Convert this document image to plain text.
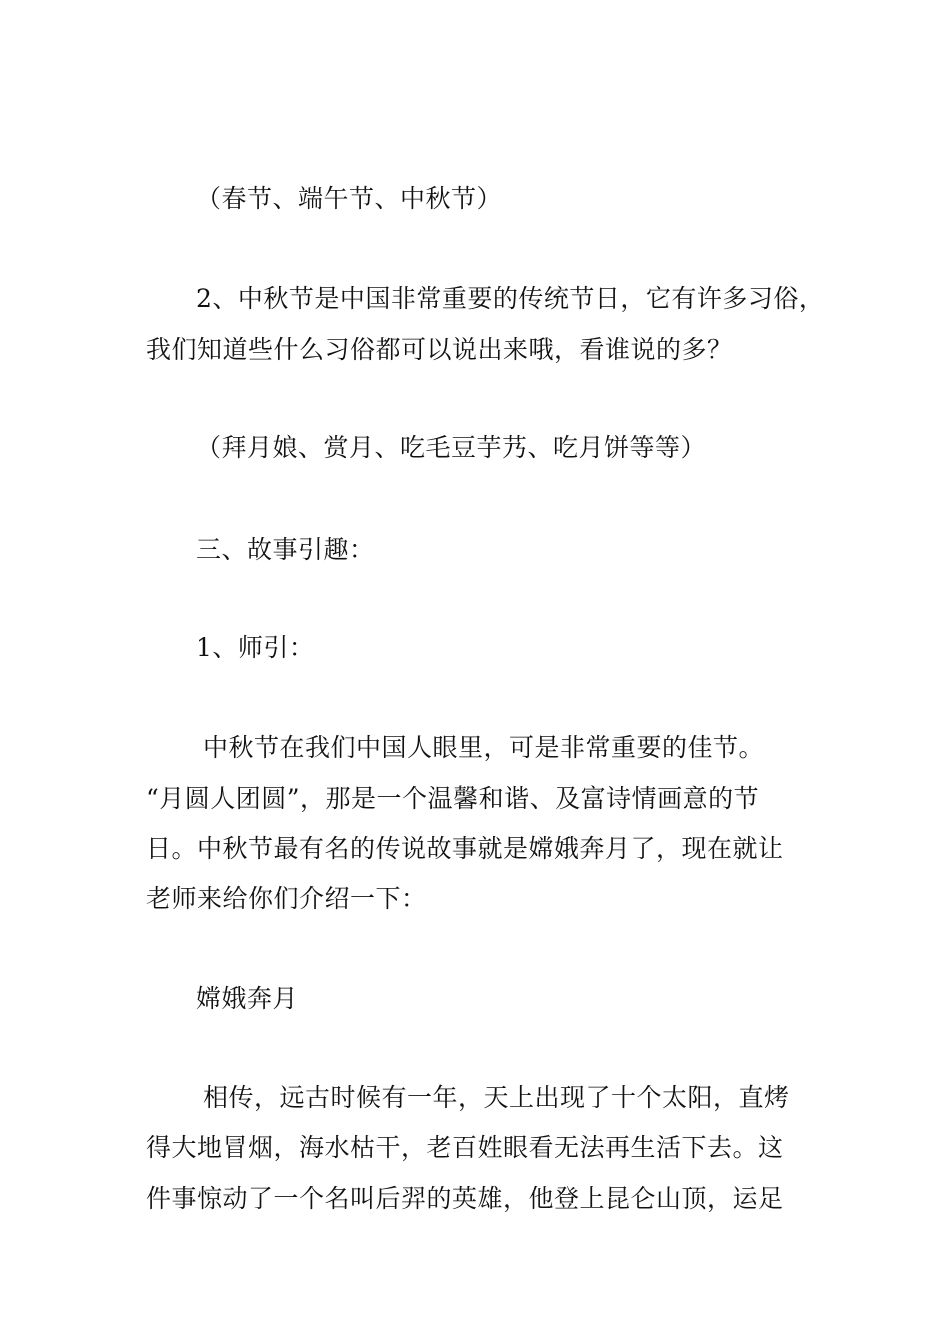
（春节、端午节、中秋节）
2、中秋节是中国非常重要的传统节日，它有许多习俗，
我们知道些什么习俗都可以说出来哦，看谁说的多？
（拜月娘、赏月、吃毛豆芋艿、吃月饼等等）
三、故事引趣：
1、师引：
中秋节在我们中国人眼里，可是非常重要的佳节。
“月圆人团圆”，那是一个温馨和谐、及富诗情画意的节
日。中秋节最有名的传说故事就是嫦娥奔月了，现在就让
老师来给你们介绍一下：
嫦娥奔月
相传，远古时候有一年，天上出现了十个太阳，直烤
得大地冒烟，海水枯干，老百姓眼看无法再生活下去。这
件事惊动了一个名叫后羿的英雄，他登上昆仑山顶，运足
